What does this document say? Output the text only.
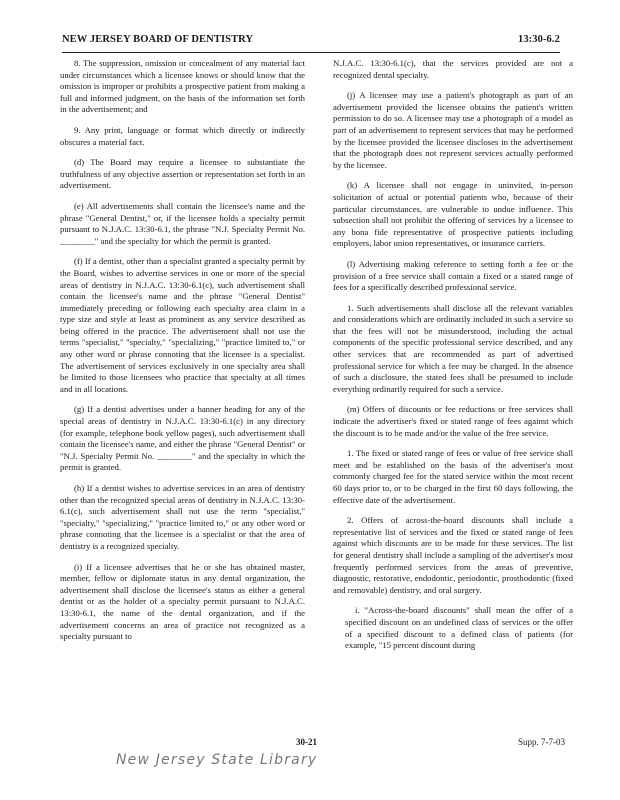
NEW JERSEY BOARD OF DENTISTRY	13:30-6.2

8. The suppression, omission or concealment of any material fact under circumstances which a licensee knows or should know that the omission is improper or prohibits a prospective patient from making a full and informed judgment, on the basis of the information set forth in the advertisement; and

9. Any print, language or format which directly or indirectly obscures a material fact.

(d) The Board may require a licensee to substantiate the truthfulness of any objective assertion or representation set forth in an advertisement.

(e) All advertisements shall contain the licensee's name and the phrase "General Dentist," or, if the licensee holds a specialty permit pursuant to N.J.A.C. 13:30-6.1, the phrase "N.J. Specialty Permit No. ________" and the specialty for which the permit is granted.

(f) If a dentist, other than a specialist granted a specialty permit by the Board, wishes to advertise services in one or more of the special areas of dentistry in N.J.A.C. 13:30-6.1(c), such advertisement shall contain the licensee's name and the phrase "General Dentist" immediately preceding or following each specialty area claim in a type size and style at least as prominent as any service described as being offered in the practice. The advertisement shall not use the terms "specialist," "specialty," "specializing," "practice limited to," or any other word or phrase connoting that the licensee is a specialist. The advertisement of services exclusively in one specialty area shall be limited to those licensees who practice that specialty at all times and in all locations.

(g) If a dentist advertises under a banner heading for any of the special areas of dentistry in N.J.A.C. 13:30-6.1(c) in any directory (for example, telephone book yellow pages), such advertisement shall contain the licensee's name, and either the phrase "General Dentist" or "N.J. Specialty Permit No. ________" and the specialty in which the permit is granted.

(h) If a dentist wishes to advertise services in an area of dentistry other than the recognized special areas of dentistry in N.J.A.C. 13:30-6.1(c), such advertisement shall not use the term "specialist," "specialty," "specializing," "practice limited to," or any other word or phrase connoting that the licensee is a specialist or that the area of dentistry is a recognized specialty.

(i) If a licensee advertises that he or she has obtained master, member, fellow or diplomate status in any dental organization, the advertisement shall disclose the licensee's status as either a general dentist or as the holder of a specialty permit pursuant to N.J.A.C. 13:30-6.1, the name of the dental organization, and if the advertisement concerns an area of practice not recognized as a specialty pursuant to

N.J.A.C. 13:30-6.1(c), that the services provided are not a recognized dental specialty.

(j) A licensee may use a patient's photograph as part of an advertisement provided the licensee obtains the patient's written permission to do so. A licensee may use a photograph of a model as part of an advertisement to represent services that may be performed by the licensee provided the licensee discloses in the advertisement that the photograph does not represent services actually performed by the licensee.

(k) A licensee shall not engage in uninvited, in-person solicitation of actual or potential patients who, because of their particular circumstances, are vulnerable to undue influence. This subsection shall not prohibit the offering of services by a licensee to any bona fide representative of prospective patients including employers, labor union representatives, or insurance carriers.

(l) Advertising making reference to setting forth a fee or the provision of a free service shall contain a fixed or a stated range of fees for a specifically described professional service.

1. Such advertisements shall disclose all the relevant variables and considerations which are ordinarily included in such a service so that the fees will not be misunderstood, including the actual components of the specific professional service described, and any other services that are recommended as part of advertised professional service for which a fee may be charged. In the absence of such a disclosure, the stated fees shall be presumed to include everything ordinarily required for such a service.

(m) Offers of discounts or fee reductions or free services shall indicate the advertiser's fixed or stated range of fees against which the discount is to be made and/or the value of the free service.

1. The fixed or stated range of fees or value of free service shall meet and be established on the basis of the advertiser's most commonly charged fee for the stated service within the most recent 60 days prior to, or to be charged in the first 60 days following, the effective date of the advertisement.

2. Offers of across-the-board discounts shall include a representative list of services and the fixed or stated range of fees against which discounts are to be made for these services. The list for general dentistry shall include a sampling of the advertiser's most frequently performed services from the areas of preventive, diagnostic, restorative, endodontic, periodontic, prosthodontic (fixed and removable) dentistry, and oral surgery.

i. "Across-the-board discounts" shall mean the offer of a specified discount on an undefined class of services or the offer of a specified discount to a defined class of patients (for example, "15 percent discount during

30-21	Supp. 7-7-03
New Jersey State Library
